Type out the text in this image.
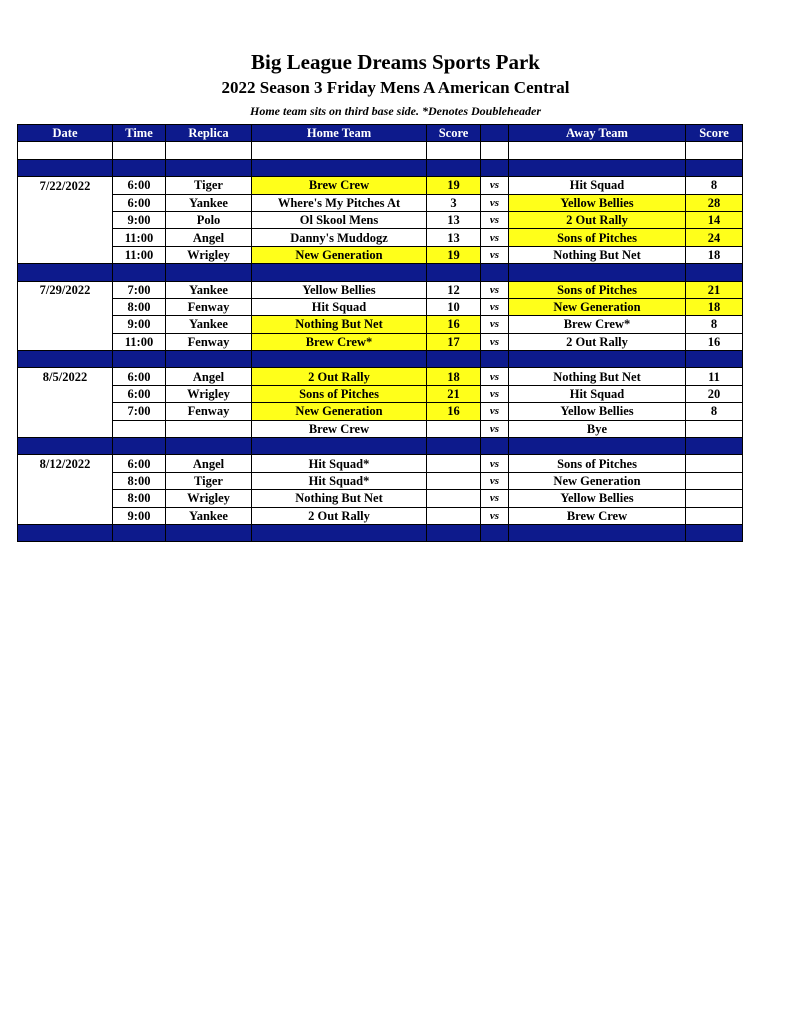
Big League Dreams Sports Park
2022 Season 3 Friday Mens A American Central
Home team sits on third base side. *Denotes Doubleheader
Date	Time	Replica	Home Team	Score		Away Team	Score

7/22/2022	6:00	Tiger	Brew Crew	19	vs	Hit Squad	8
	6:00	Yankee	Where's My Pitches At	3	vs	Yellow Bellies	28
	9:00	Polo	Ol Skool Mens	13	vs	2 Out Rally	14
	11:00	Angel	Danny's Muddogz	13	vs	Sons of Pitches	24
	11:00	Wrigley	New Generation	19	vs	Nothing But Net	18

7/29/2022	7:00	Yankee	Yellow Bellies	12	vs	Sons of Pitches	21
	8:00	Fenway	Hit Squad	10	vs	New Generation	18
	9:00	Yankee	Nothing But Net	16	vs	Brew Crew*	8
	11:00	Fenway	Brew Crew*	17	vs	2 Out Rally	16

8/5/2022	6:00	Angel	2 Out Rally	18	vs	Nothing But Net	11
	6:00	Wrigley	Sons of Pitches	21	vs	Hit Squad	20
	7:00	Fenway	New Generation	16	vs	Yellow Bellies	8
			Brew Crew		vs	Bye	

8/12/2022	6:00	Angel	Hit Squad*		vs	Sons of Pitches	
	8:00	Tiger	Hit Squad*		vs	New Generation	
	8:00	Wrigley	Nothing But Net		vs	Yellow Bellies	
	9:00	Yankee	2 Out Rally		vs	Brew Crew	
